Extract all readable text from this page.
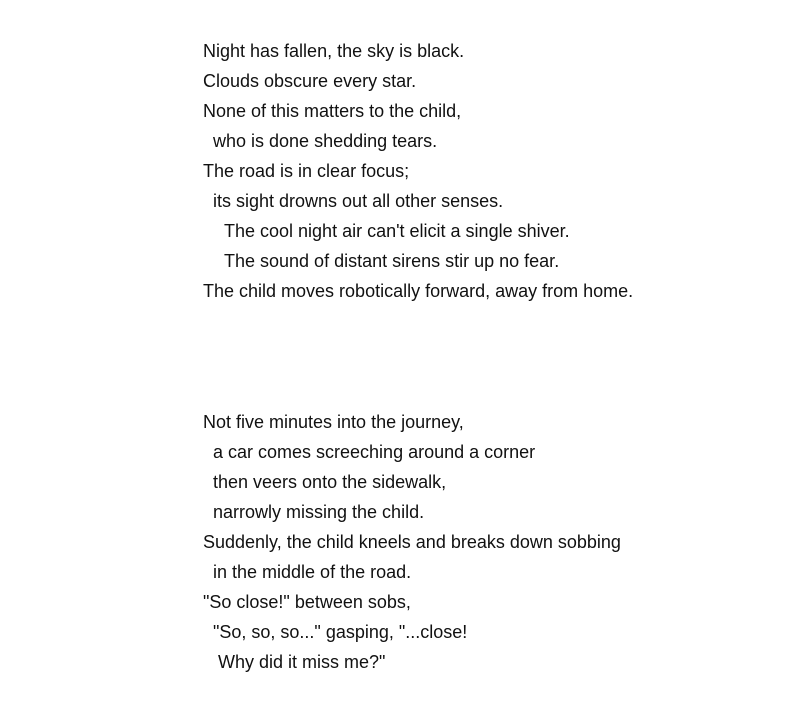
Night has fallen, the sky is black.
Clouds obscure every star.
None of this matters to the child,
who is done shedding tears.
The road is in clear focus;
its sight drowns out all other senses.
The cool night air can't elicit a single shiver.
The sound of distant sirens stir up no fear.
The child moves robotically forward, away from home.
Not five minutes into the journey,
a car comes screeching around a corner
then veers onto the sidewalk,
narrowly missing the child.
Suddenly, the child kneels and breaks down sobbing
in the middle of the road.
"So close!" between sobs,
"So, so, so..." gasping, "...close!
Why did it miss me?"
